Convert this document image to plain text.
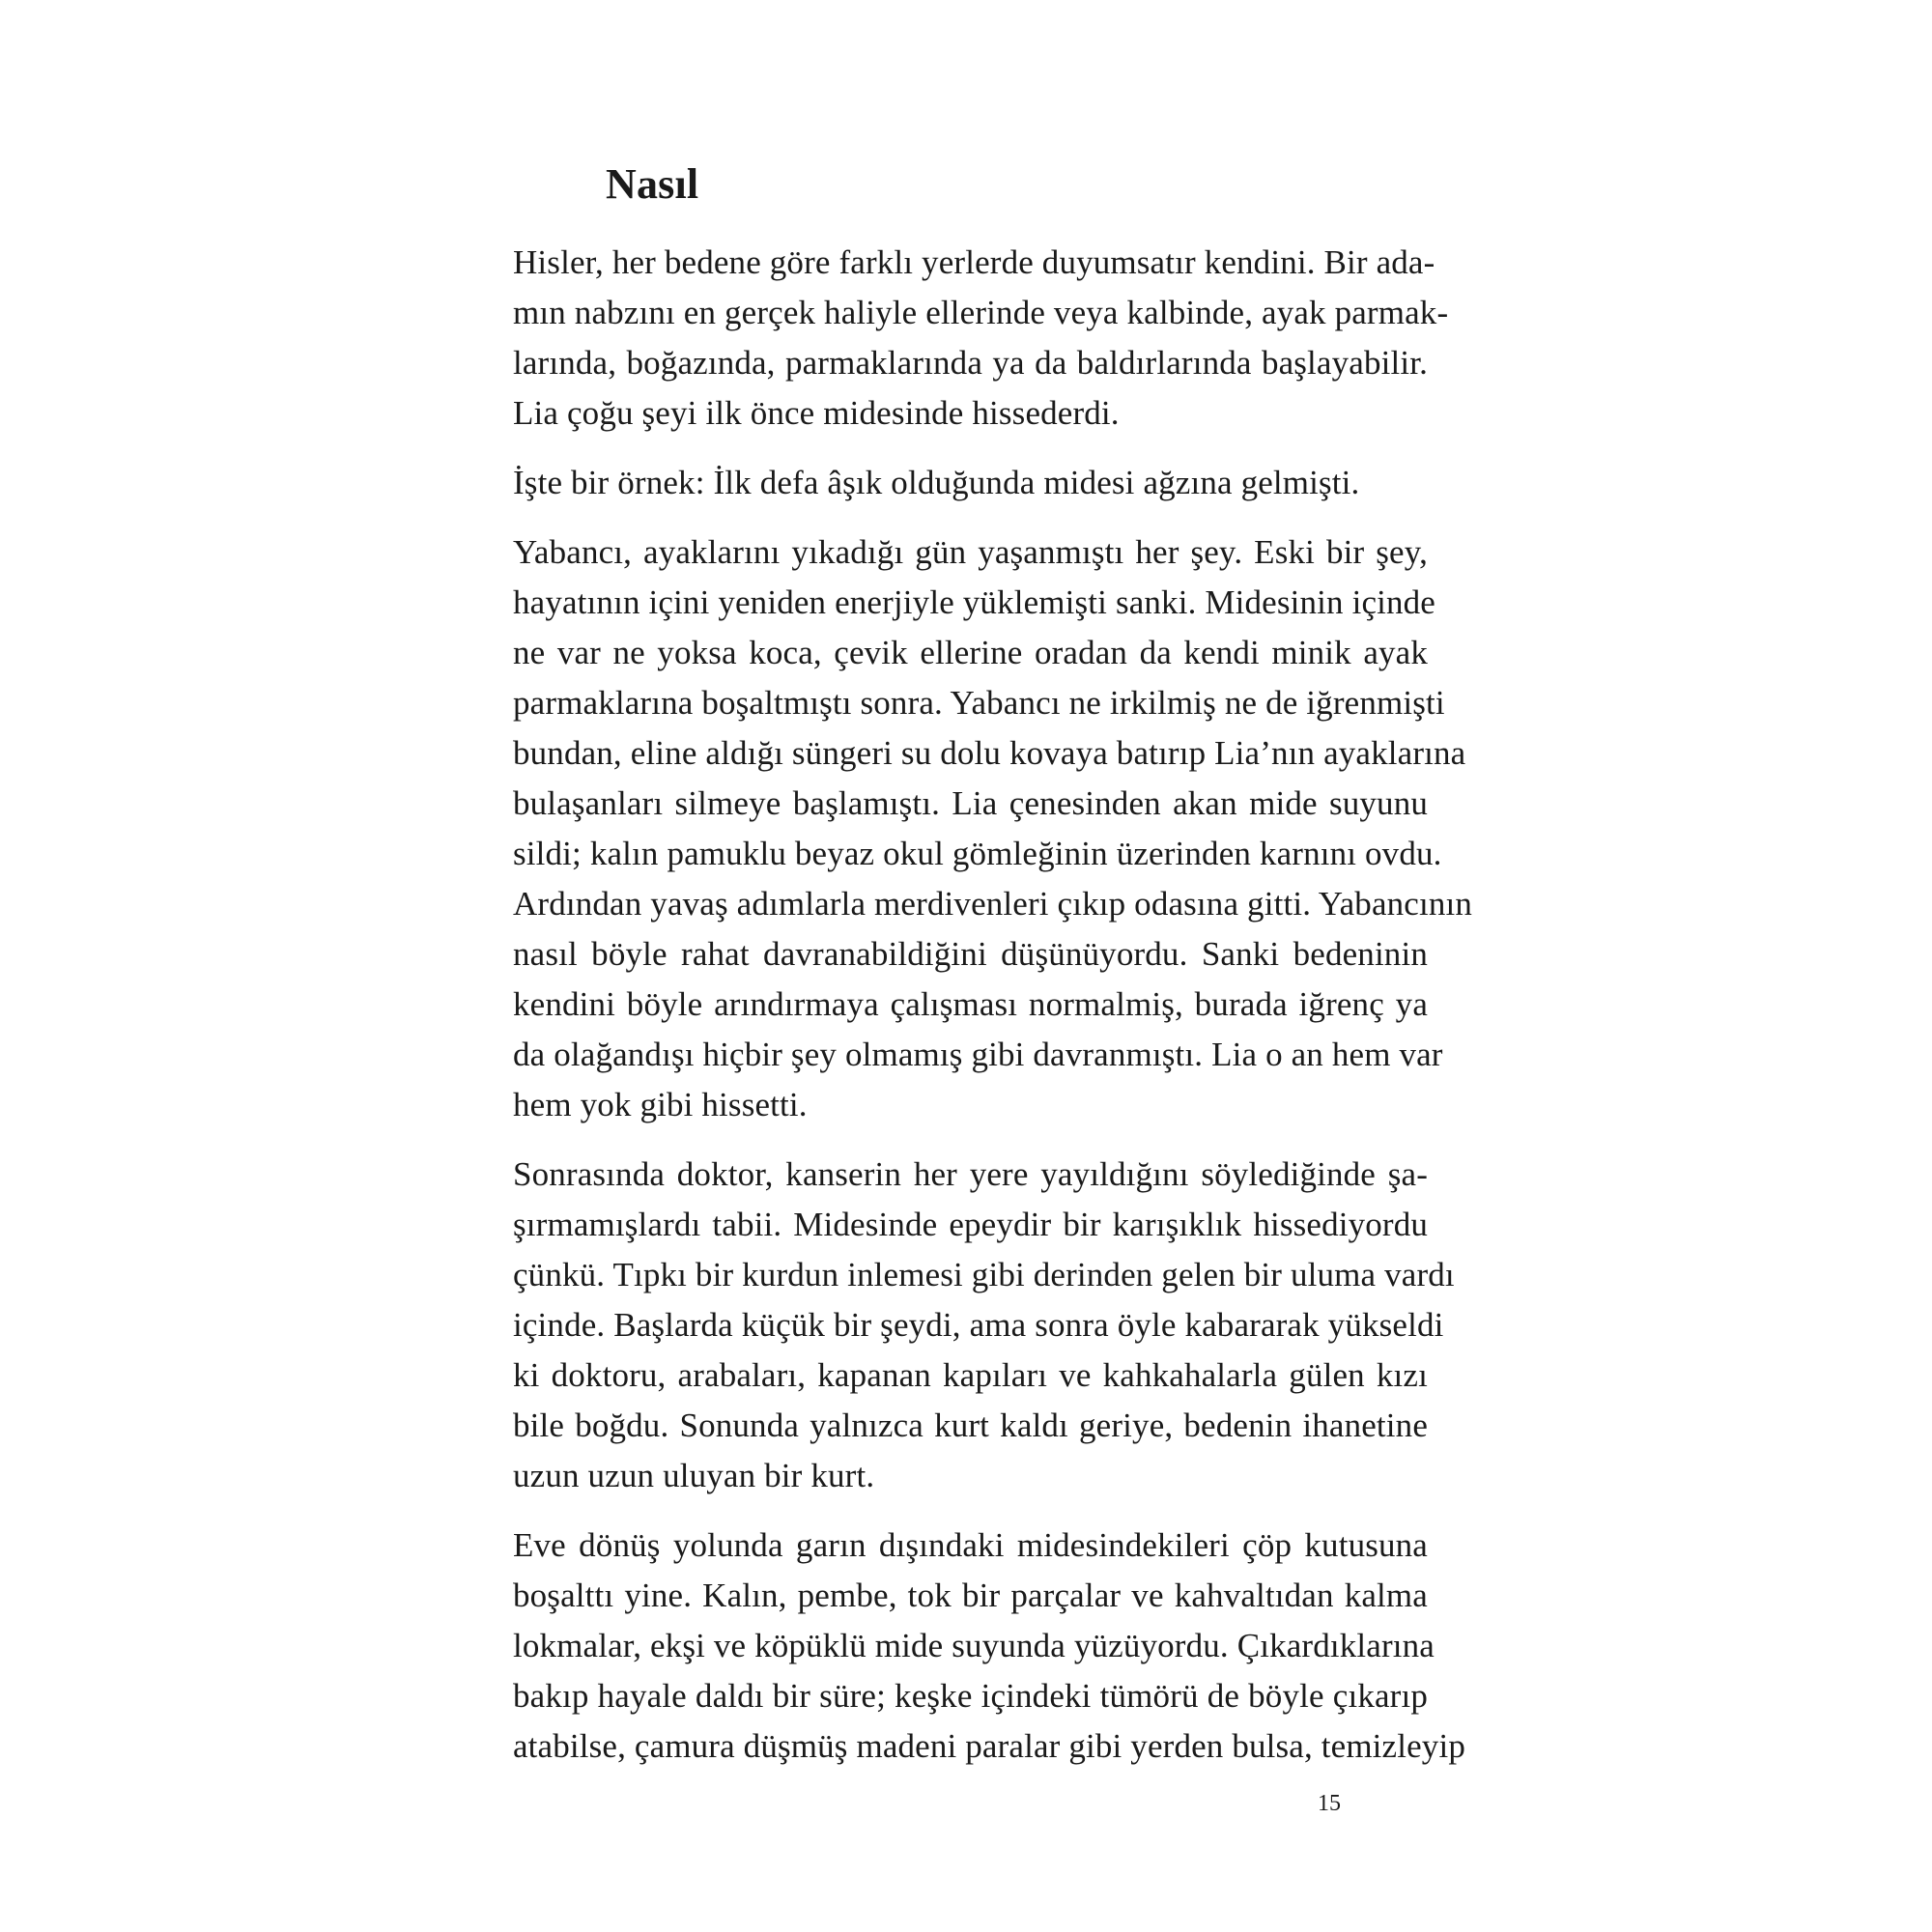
Nasıl

Hisler, her bedene göre farklı yerlerde duyumsatır kendini. Bir ada-
mın nabzını en gerçek haliyle ellerinde veya kalbinde, ayak parmak-
larında, boğazında, parmaklarında ya da baldırlarında başlayabilir.
Lia çoğu şeyi ilk önce midesinde hissederdi.

İşte bir örnek: İlk defa âşık olduğunda midesi ağzına gelmişti.

Yabancı, ayaklarını yıkadığı gün yaşanmıştı her şey. Eski bir şey,
hayatının içini yeniden enerjiyle yüklemişti sanki. Midesinin içinde
ne var ne yoksa koca, çevik ellerine oradan da kendi minik ayak
parmaklarına boşaltmıştı sonra. Yabancı ne irkilmiş ne de iğrenmişti
bundan, eline aldığı süngeri su dolu kovaya batırıp Lia’nın ayaklarına
bulaşanları silmeye başlamıştı. Lia çenesinden akan mide suyunu
sildi; kalın pamuklu beyaz okul gömleğinin üzerinden karnını ovdu.
Ardından yavaş adımlarla merdivenleri çıkıp odasına gitti. Yabancının
nasıl böyle rahat davranabildiğini düşünüyordu. Sanki bedeninin
kendini böyle arındırmaya çalışması normalmiş, burada iğrenç ya
da olağandışı hiçbir şey olmamış gibi davranmıştı. Lia o an hem var
hem yok gibi hissetti.

Sonrasında doktor, kanserin her yere yayıldığını söylediğinde şa-
şırmamışlardı tabii. Midesinde epeydir bir karışıklık hissediyordu
çünkü. Tıpkı bir kurdun inlemesi gibi derinden gelen bir uluma vardı
içinde. Başlarda küçük bir şeydi, ama sonra öyle kabararak yükseldi
ki doktoru, arabaları, kapanan kapıları ve kahkahalarla gülen kızı
bile boğdu. Sonunda yalnızca kurt kaldı geriye, bedenin ihanetine
uzun uzun uluyan bir kurt.

Eve dönüş yolunda garın dışındaki midesindekileri çöp kutusuna
boşalttı yine. Kalın, pembe, tok bir parçalar ve kahvaltıdan kalma
lokmalar, ekşi ve köpüklü mide suyunda yüzüyordu. Çıkardıklarına
bakıp hayale daldı bir süre; keşke içindeki tümörü de böyle çıkarıp
atabilse, çamura düşmüş madeni paralar gibi yerden bulsa, temizleyip

15
